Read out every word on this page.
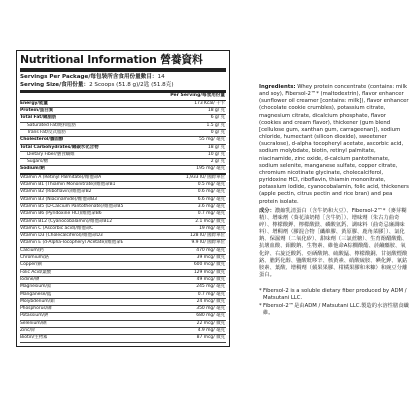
Nutritional Information 營養資料
Servings Per Package/每包裝所含食用份量數目：14
Serving Size/食用份量：2 Scoops (51.8 g)/2匙 (51.8克)
Per Serving/每食用份量
Energy/能量	173 Kcal/ 千卡
Protein/蛋白質	18 g/ 克
Total Fat/總脂肪	6 g/ 克
Saturated Fat/飽和脂肪	1.5 g/ 克
Trans Fat/反式脂肪	0 g/ 克
Cholesterol/膽固醇	55 mg/ 毫克
Total Carbohydrates/總碳水化合物	18 g/ 克
Dietary Fiber/膳食纖維	10 g/ 克
Sugars/糖	2 g/ 克
Sodium/鈉	195 mg/ 毫克
Vitamin A (Retinyl Palmitate)/維他命A	1,933 IU/ 國際單位
Vitamin B1 (Thiamin Mononitrate)/維他命B1	0.5 mg/ 毫克
Vitamin B2 (Riboflavin)/維他命B2	0.6 mg/ 毫克
Vitamin B3 (Niacinamide)/維他命B3	6.6 mg/ 毫克
Vitamin B5 (D-Calcium Pantothenate)/維他命B5	3.6 mg/ 毫克
Vitamin B6 (Pyridoxine HCl)/維他命B6	0.7 mg/ 毫克
Vitamin B12 (Cyanocobalamin)/維他命B12	2.1 mcg/ 微克
Vitamin C (Ascorbic acid)/維他命C	19 mg/ 毫克
Vitamin D3 (Cholecalciferol)/維他命D3	128 IU/ 國際單位
Vitamin E (d-Alpha-Tocopheryl Acetate)/維他命E	9.9 IU/ 國際單位
Calcium/鈣	470 mg/ 毫克
Chromium/鉻	39 mcg/ 微克
Copper/銅	600 mcg/ 微克
Folic Acid/葉酸	129 mcg/ 微克
Iodine/碘	49 mcg/ 微克
Magnesium/鎂	245 mg/ 毫克
Manganese/錳	0.7 mg/ 毫克
Molybdenum/鉬	24 mcg/ 微克
Phosphorus/磷	350 mg/ 毫克
Potassium/鉀	680 mg/ 毫克
Selenium/硒	22 mcg/ 微克
Zinc/鋅	4.9 mg/ 毫克
Biotin/生物素	87 mcg/ 微克

Ingredients: Whey protein concentrate (contains: milk and soy), Fibersol-2™* (maltodextrin), flavor enhancer (sunflower oil creamer [contains: milk]), flavor enhancer (chocolate cookie crumbles), potassium citrate, magnesium citrate, dicalcium phosphate, flavor (cookies and cream flavor), thickener (gum blend [cellulose gum, xanthan gum, carrageenan]), sodium chloride, humectant (silicon dioxide), sweetener (sucralose), d-alpha tocopheryl acetate, ascorbic acid, sodium molybdate, biotin, retinyl palmitate, niacinamide, zinc oxide, d-calcium pantothenate, sodium selenite, manganese sulfate, copper citrate, chromium nicotinate glycinate, cholecalciferol, pyridoxine HCl, riboflavin, thiamin mononitrate, potassium iodide, cyanocobalamin, folic acid, thickeners (apple pectin, citrus pectin and rice bran) and pea protein isolate.

成分：濃縮乳清蛋白（含牛奶和大豆）、Fibersol-2™*（麥芽糊精）、增味劑（葵花油奶精［含牛奶］）、增味劑（朱古力曲奇碎）、檸檬酸鉀、檸檬酸鎂、磷酸氫鈣、調味料（曲奇忌廉調味料）、增稠劑（膠混合物［纖維膠、黃原膠、鹿角菜膠］）、氯化鈉、保濕劑（二氧化矽）、甜味劑（三氯蔗糖）、生育酚醋酸酯、抗壞血酸、鉬酸鈉、生物素、維他命A棕櫚酸酯、菸鹼醯胺、氧化鋅、右旋泛酸鈣、亞硒酸鈉、硫酸錳、檸檬酸銅、甘氨酸煙酸鉻、膽鈣化醇、鹽酸吡哆辛、核黃素、硝酸硫胺、碘化鉀、氰鈷胺素、葉酸、增稠劑（蘋果果膠、柑橘果膠和米糠）和豌豆分離蛋白。

* Fibersol-2 is a soluble dietary fiber produced by ADM / Matsutani LLC.

* Fibersol-2™是由ADM / Matsutani LLC.製造的水溶性膳食纖維。
